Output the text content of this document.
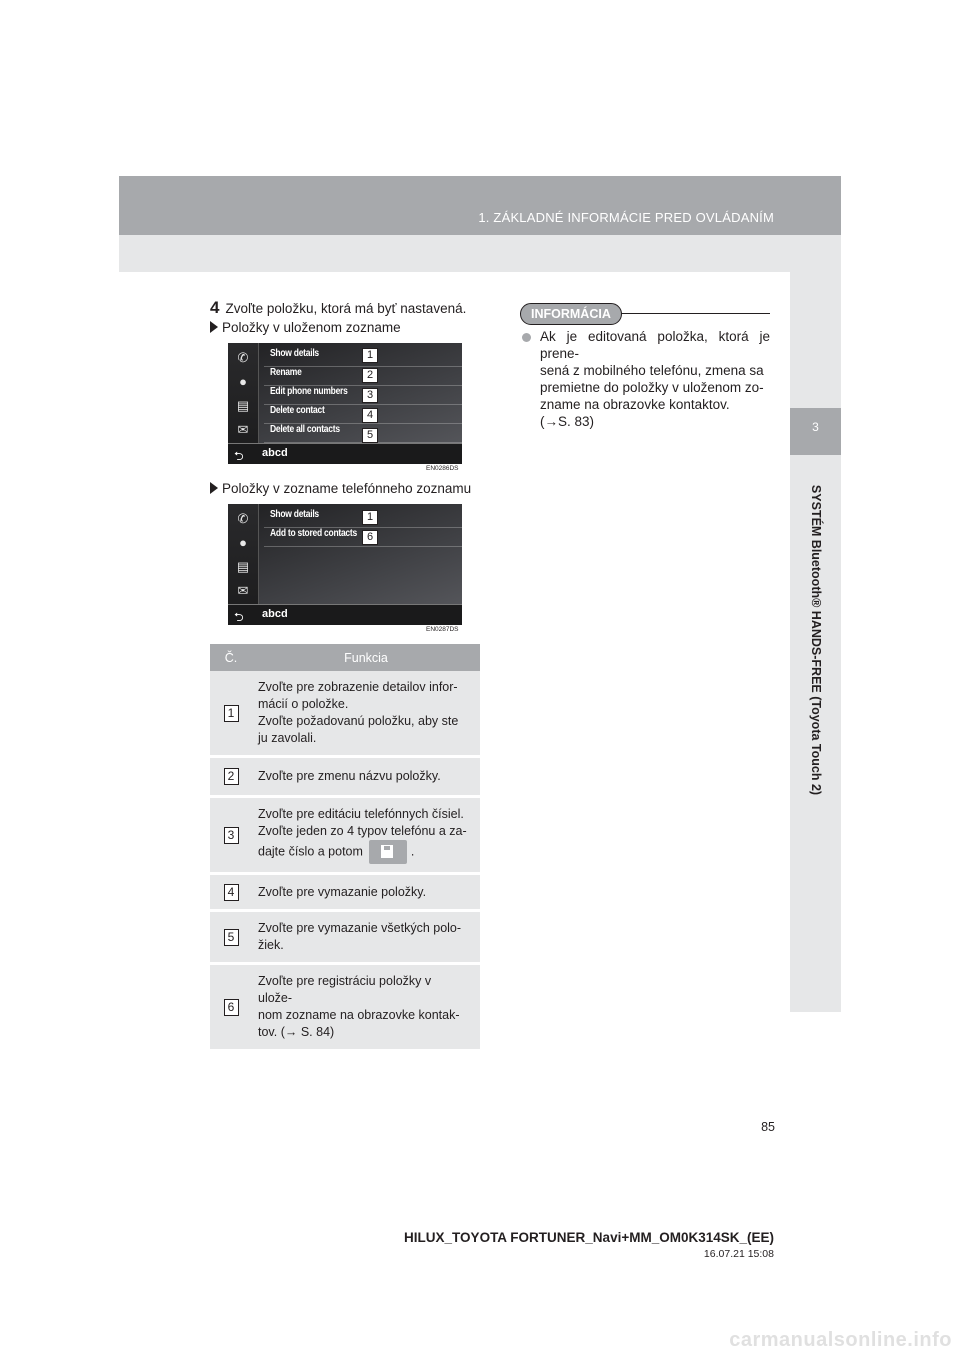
1. ZÁKLADNÉ INFORMÁCIE PRED OVLÁDANÍM
3
SYSTÉM Bluetooth® HANDS-FREE (Toyota Touch 2)
4 Zvoľte položku, ktorá má byť nastavená.
Položky v uloženom zozname
✆
●
▤
✉
Show details
Rename
Edit phone numbers
Delete contact
Delete all contacts
1
2
3
4
5
⮌ abcd
EN0286DS
Položky v zozname telefónneho zoznamu
✆
●
▤
✉
Show details
Add to stored contacts
1
6
⮌ abcd
EN0287DS
Č.	Funkcia
1	Zvoľte pre zobrazenie detailov infor-
mácií o položke.
Zvoľte požadovanú položku, aby ste
ju zavolali.
2	Zvoľte pre zmenu názvu položky.
3	Zvoľte pre editáciu telefónnych čísiel.
Zvoľte jeden zo 4 typov telefónu a za-
dajte číslo a potom .
4	Zvoľte pre vymazanie položky.
5	Zvoľte pre vymazanie všetkých polo-
žiek.
6	Zvoľte pre registráciu položky v ulože-
nom zozname na obrazovke kontak-
tov. (→ S. 84)
INFORMÁCIA
Ak je editovaná položka, ktorá je prene-
sená z mobilného telefónu, zmena sa
premietne do položky v uloženom zo-
zname na obrazovke kontaktov.
(→S. 83)
85
HILUX_TOYOTA FORTUNER_Navi+MM_OM0K314SK_(EE)
16.07.21 15:08
carmanualsonline.info
